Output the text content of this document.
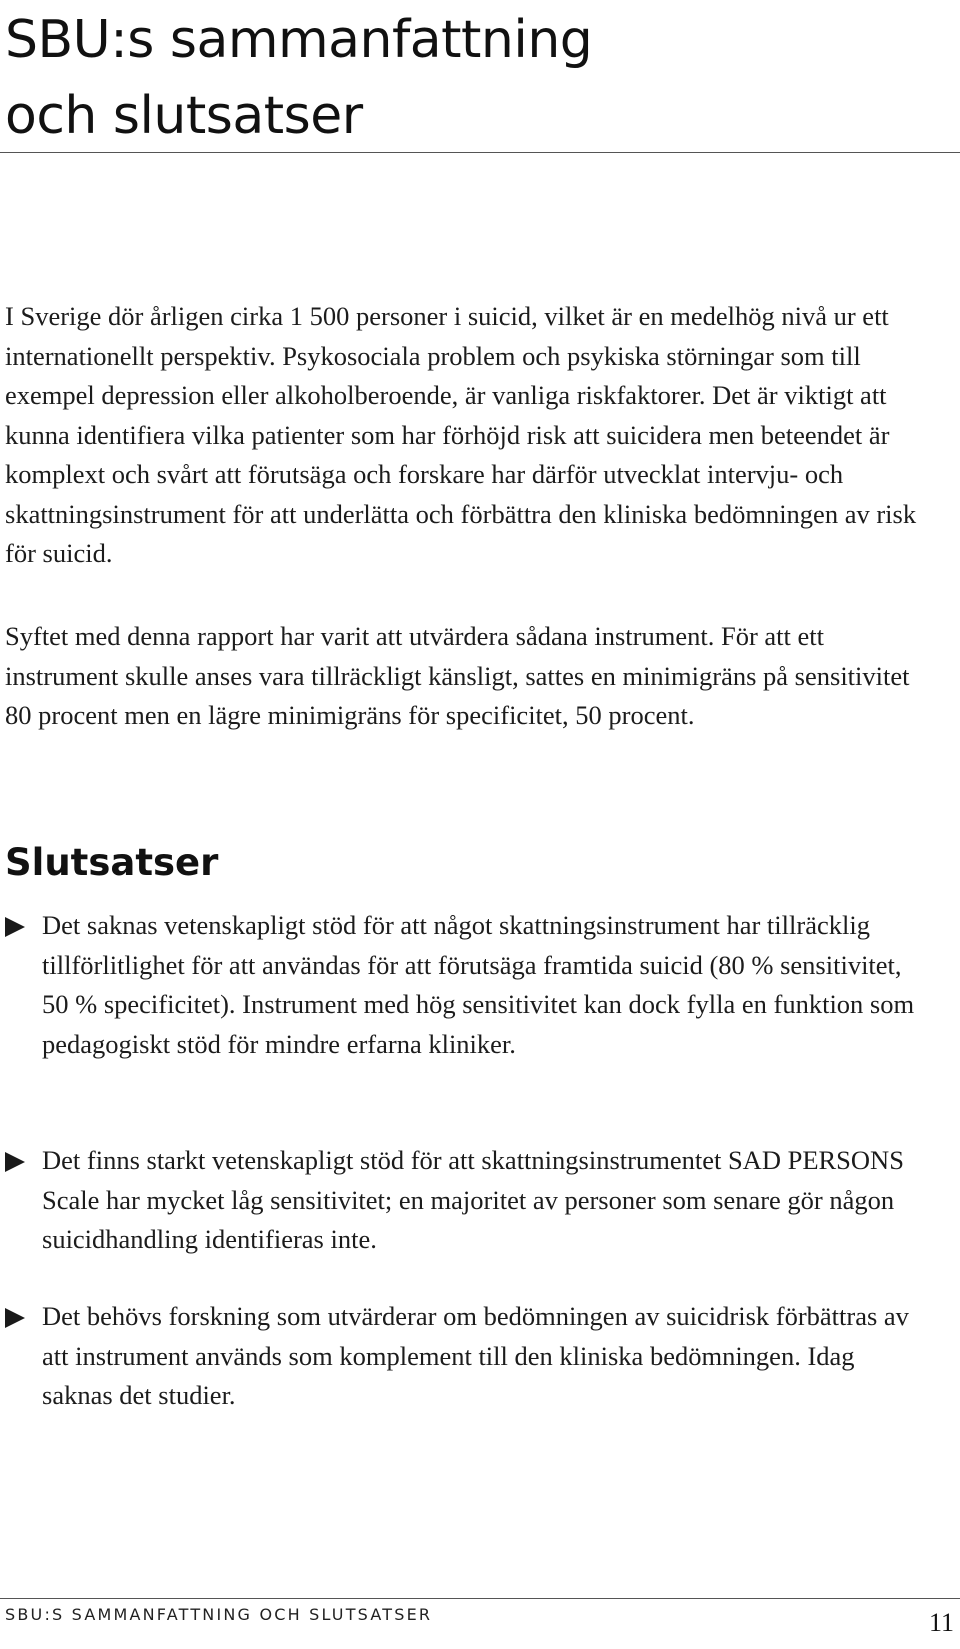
SBU:s sammanfattning
och slutsatser

I Sverige dör årligen cirka 1 500 personer i suicid, vilket är en medelhög nivå ur ett internationellt perspektiv. Psykosociala problem och psykiska störningar som till exempel depression eller alkoholberoende, är vanliga riskfaktorer. Det är viktigt att kunna identifiera vilka patienter som har förhöjd risk att suicidera men beteendet är komplext och svårt att förutsäga och forskare har därför utvecklat intervju- och skattningsinstrument för att underlätta och förbättra den kliniska bedömningen av risk för suicid.

Syftet med denna rapport har varit att utvärdera sådana instrument. För att ett instrument skulle anses vara tillräckligt känsligt, sattes en minimigräns på sensitivitet 80 procent men en lägre minimigräns för specificitet, 50 procent.

Slutsatser

Det saknas vetenskapligt stöd för att något skattningsinstrument har tillräcklig tillförlitlighet för att användas för att förutsäga framtida suicid (80 % sensitivitet, 50 % specificitet). Instrument med hög sensitivitet kan dock fylla en funktion som pedagogiskt stöd för mindre erfarna kliniker.

Det finns starkt vetenskapligt stöd för att skattningsinstrumentet SAD PERSONS Scale har mycket låg sensitivitet; en majoritet av personer som senare gör någon suicidhandling identifieras inte.

Det behövs forskning som utvärderar om bedömningen av suicidrisk förbättras av att instrument används som komplement till den kliniska bedömningen. Idag saknas det studier.

SBU:S SAMMANFATTNING OCH SLUTSATSER	11
